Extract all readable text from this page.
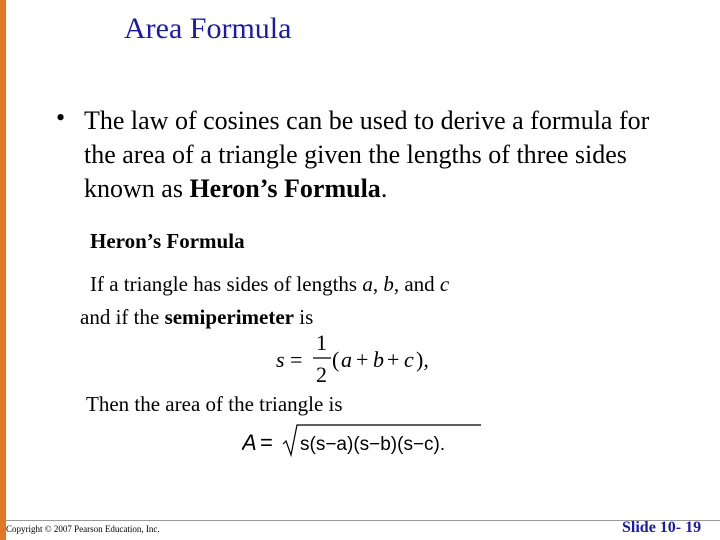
Area Formula
• The law of cosines can be used to derive a formula for the area of a triangle given the lengths of three sides known as Heron’s Formula.
Heron’s Formula
If a triangle has sides of lengths a, b, and c
and if the semiperimeter is
s =
1
2
( a + b + c ),
Then the area of the triangle is
A = s(s−a)(s−b)(s−c).
Copyright © 2007 Pearson Education, Inc.	Slide 10- 19
